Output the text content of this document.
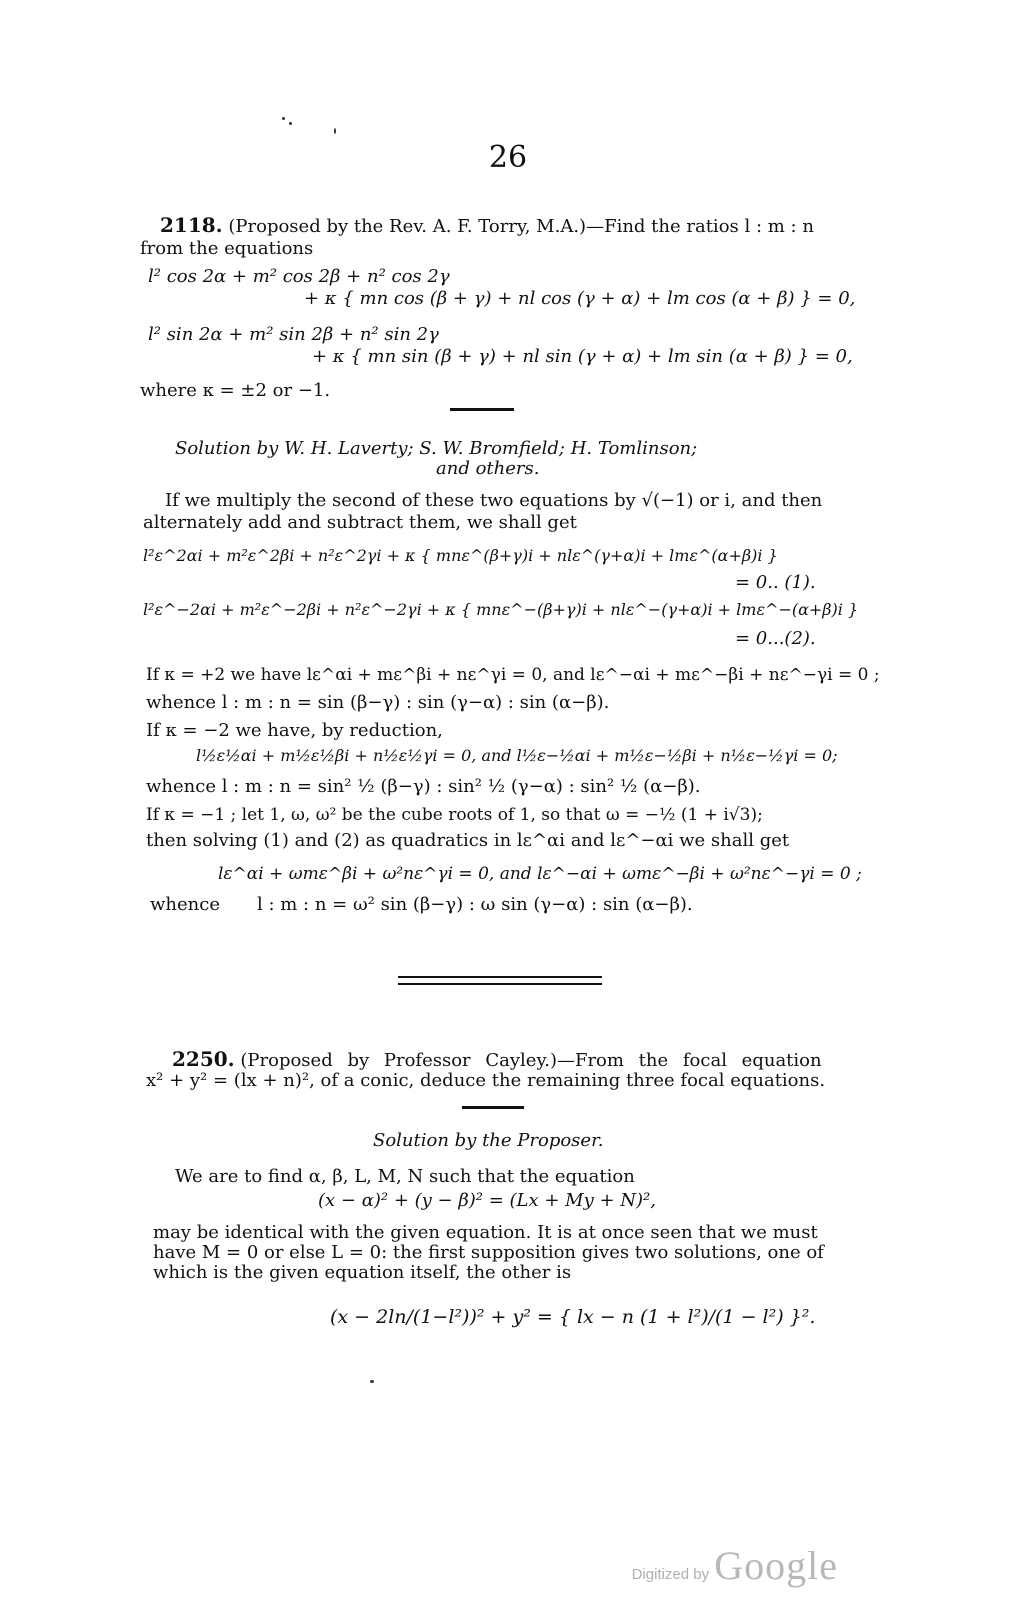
26
2118. (Proposed by the Rev. A. F. Torry, M.A.)—Find the ratios l : m : n
from the equations
l² cos 2α + m² cos 2β + n² cos 2γ
+ κ { mn cos (β + γ) + nl cos (γ + α) + lm cos (α + β) } = 0,
l² sin 2α + m² sin 2β + n² sin 2γ
+ κ { mn sin (β + γ) + nl sin (γ + α) + lm sin (α + β) } = 0,
where κ = ±2 or −1.
Solution by W. H. Laverty; S. W. Bromfield; H. Tomlinson;
and others.
If we multiply the second of these two equations by √(−1) or i, and then
alternately add and subtract them, we shall get
l²ε^2αi + m²ε^2βi + n²ε^2γi + κ { mnε^(β+γ)i + nlε^(γ+α)i + lmε^(α+β)i }
= 0.. (1).
l²ε^−2αi + m²ε^−2βi + n²ε^−2γi + κ { mnε^−(β+γ)i + nlε^−(γ+α)i + lmε^−(α+β)i }
= 0...(2).
If κ = +2 we have lε^αi + mε^βi + nε^γi = 0, and lε^−αi + mε^−βi + nε^−γi = 0 ;
whence l : m : n = sin (β−γ) : sin (γ−α) : sin (α−β).
If κ = −2 we have, by reduction,
l½ε½αi + m½ε½βi + n½ε½γi = 0, and l½ε−½αi + m½ε−½βi + n½ε−½γi = 0;
whence l : m : n = sin² ½ (β−γ) : sin² ½ (γ−α) : sin² ½ (α−β).
If κ = −1 ; let 1, ω, ω² be the cube roots of 1, so that ω = −½ (1 + i√3);
then solving (1) and (2) as quadratics in lε^αi and lε^−αi we shall get
lε^αi + ωmε^βi + ω²nε^γi = 0, and lε^−αi + ωmε^−βi + ω²nε^−γi = 0 ;
whence l : m : n = ω² sin (β−γ) : ω sin (γ−α) : sin (α−β).
2250. (Proposed by Professor Cayley.)—From the focal equation
x² + y² = (lx + n)², of a conic, deduce the remaining three focal equations.
Solution by the Proposer.
We are to find α, β, L, M, N such that the equation
(x − α)² + (y − β)² = (Lx + My + N)²,
may be identical with the given equation. It is at once seen that we must
have M = 0 or else L = 0: the first supposition gives two solutions, one of
which is the given equation itself, the other is
(x − 2ln/(1−l²))² + y² = { lx − n (1 + l²)/(1 − l²) }².
Digitized by Google
